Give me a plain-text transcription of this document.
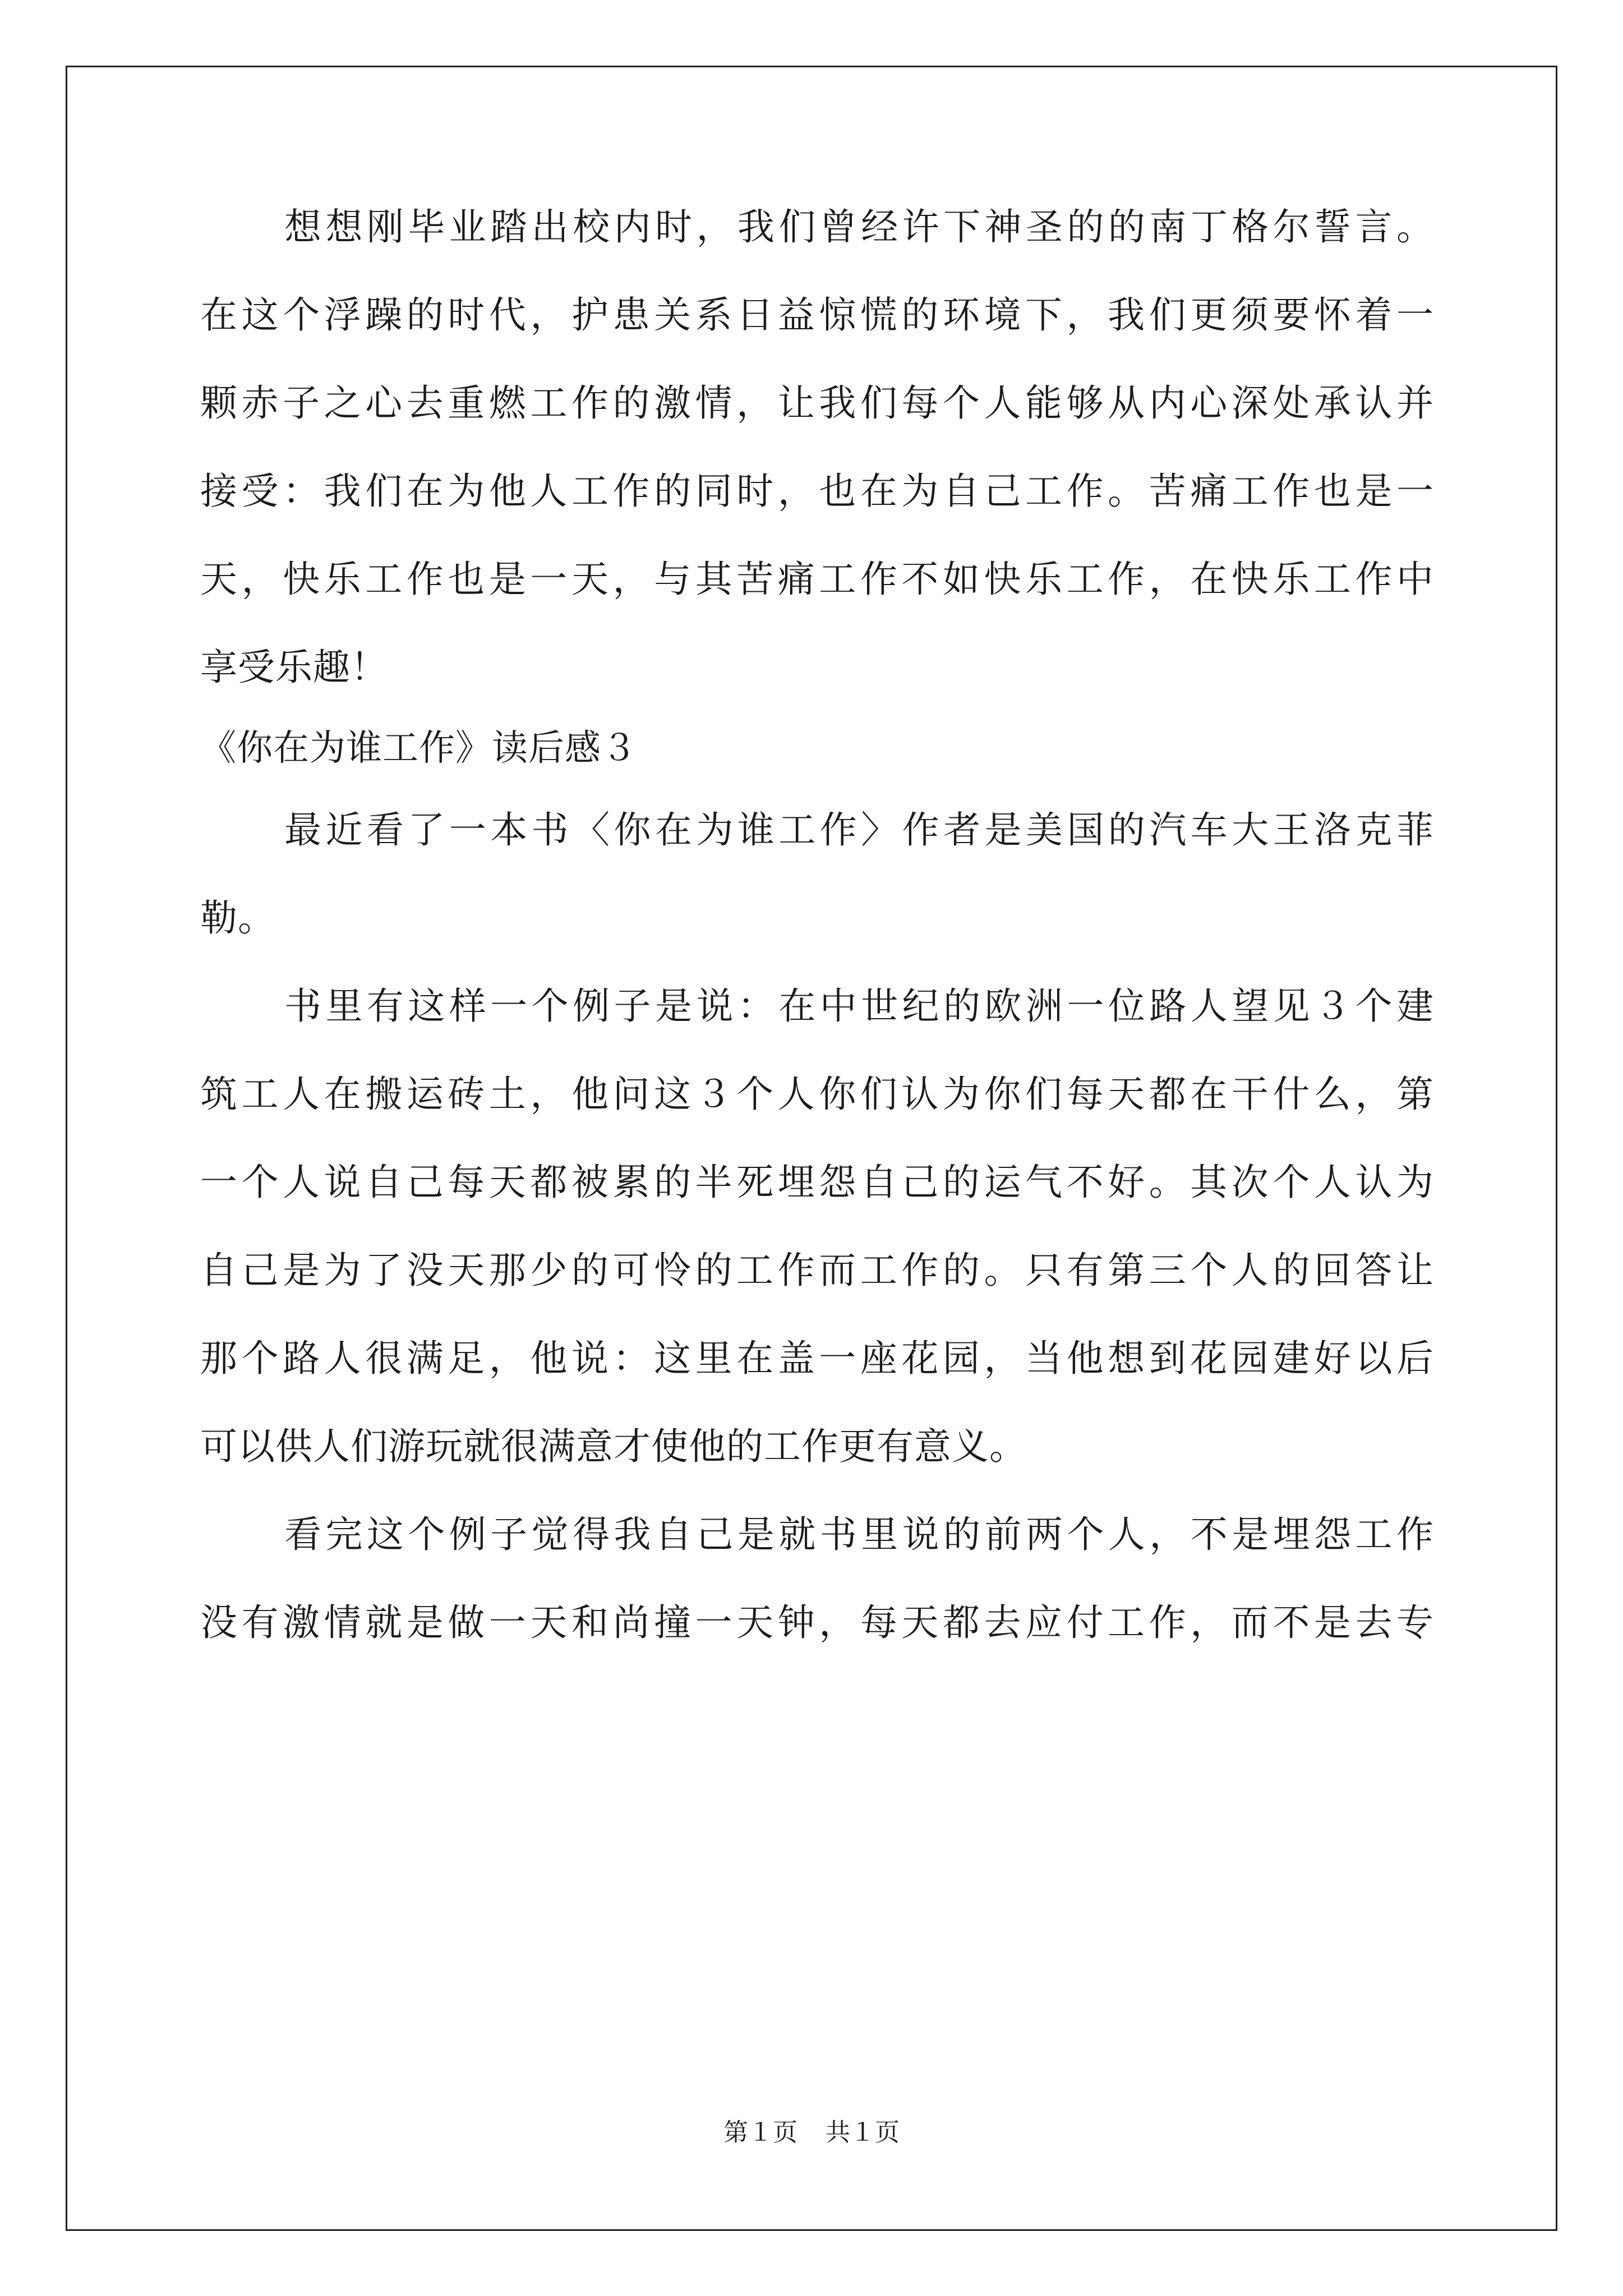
想想刚毕业踏出校内时，我们曾经许下神圣的的南丁格尔誓言。
在这个浮躁的时代，护患关系日益惊慌的环境下，我们更须要怀着一
颗赤子之心去重燃工作的激情，让我们每个人能够从内心深处承认并
接受：我们在为他人工作的同时，也在为自己工作。苦痛工作也是一
天，快乐工作也是一天，与其苦痛工作不如快乐工作，在快乐工作中
享受乐趣！
《你在为谁工作》读后感３
最近看了一本书〈你在为谁工作〉作者是美国的汽车大王洛克菲
勒。
书里有这样一个例子是说：在中世纪的欧洲一位路人望见３个建
筑工人在搬运砖土，他问这３个人你们认为你们每天都在干什么，第
一个人说自己每天都被累的半死埋怨自己的运气不好。其次个人认为
自己是为了没天那少的可怜的工作而工作的。只有第三个人的回答让
那个路人很满足，他说：这里在盖一座花园，当他想到花园建好以后
可以供人们游玩就很满意才使他的工作更有意义。
看完这个例子觉得我自己是就书里说的前两个人，不是埋怨工作
没有激情就是做一天和尚撞一天钟，每天都去应付工作，而不是去专
第１页 共１页
